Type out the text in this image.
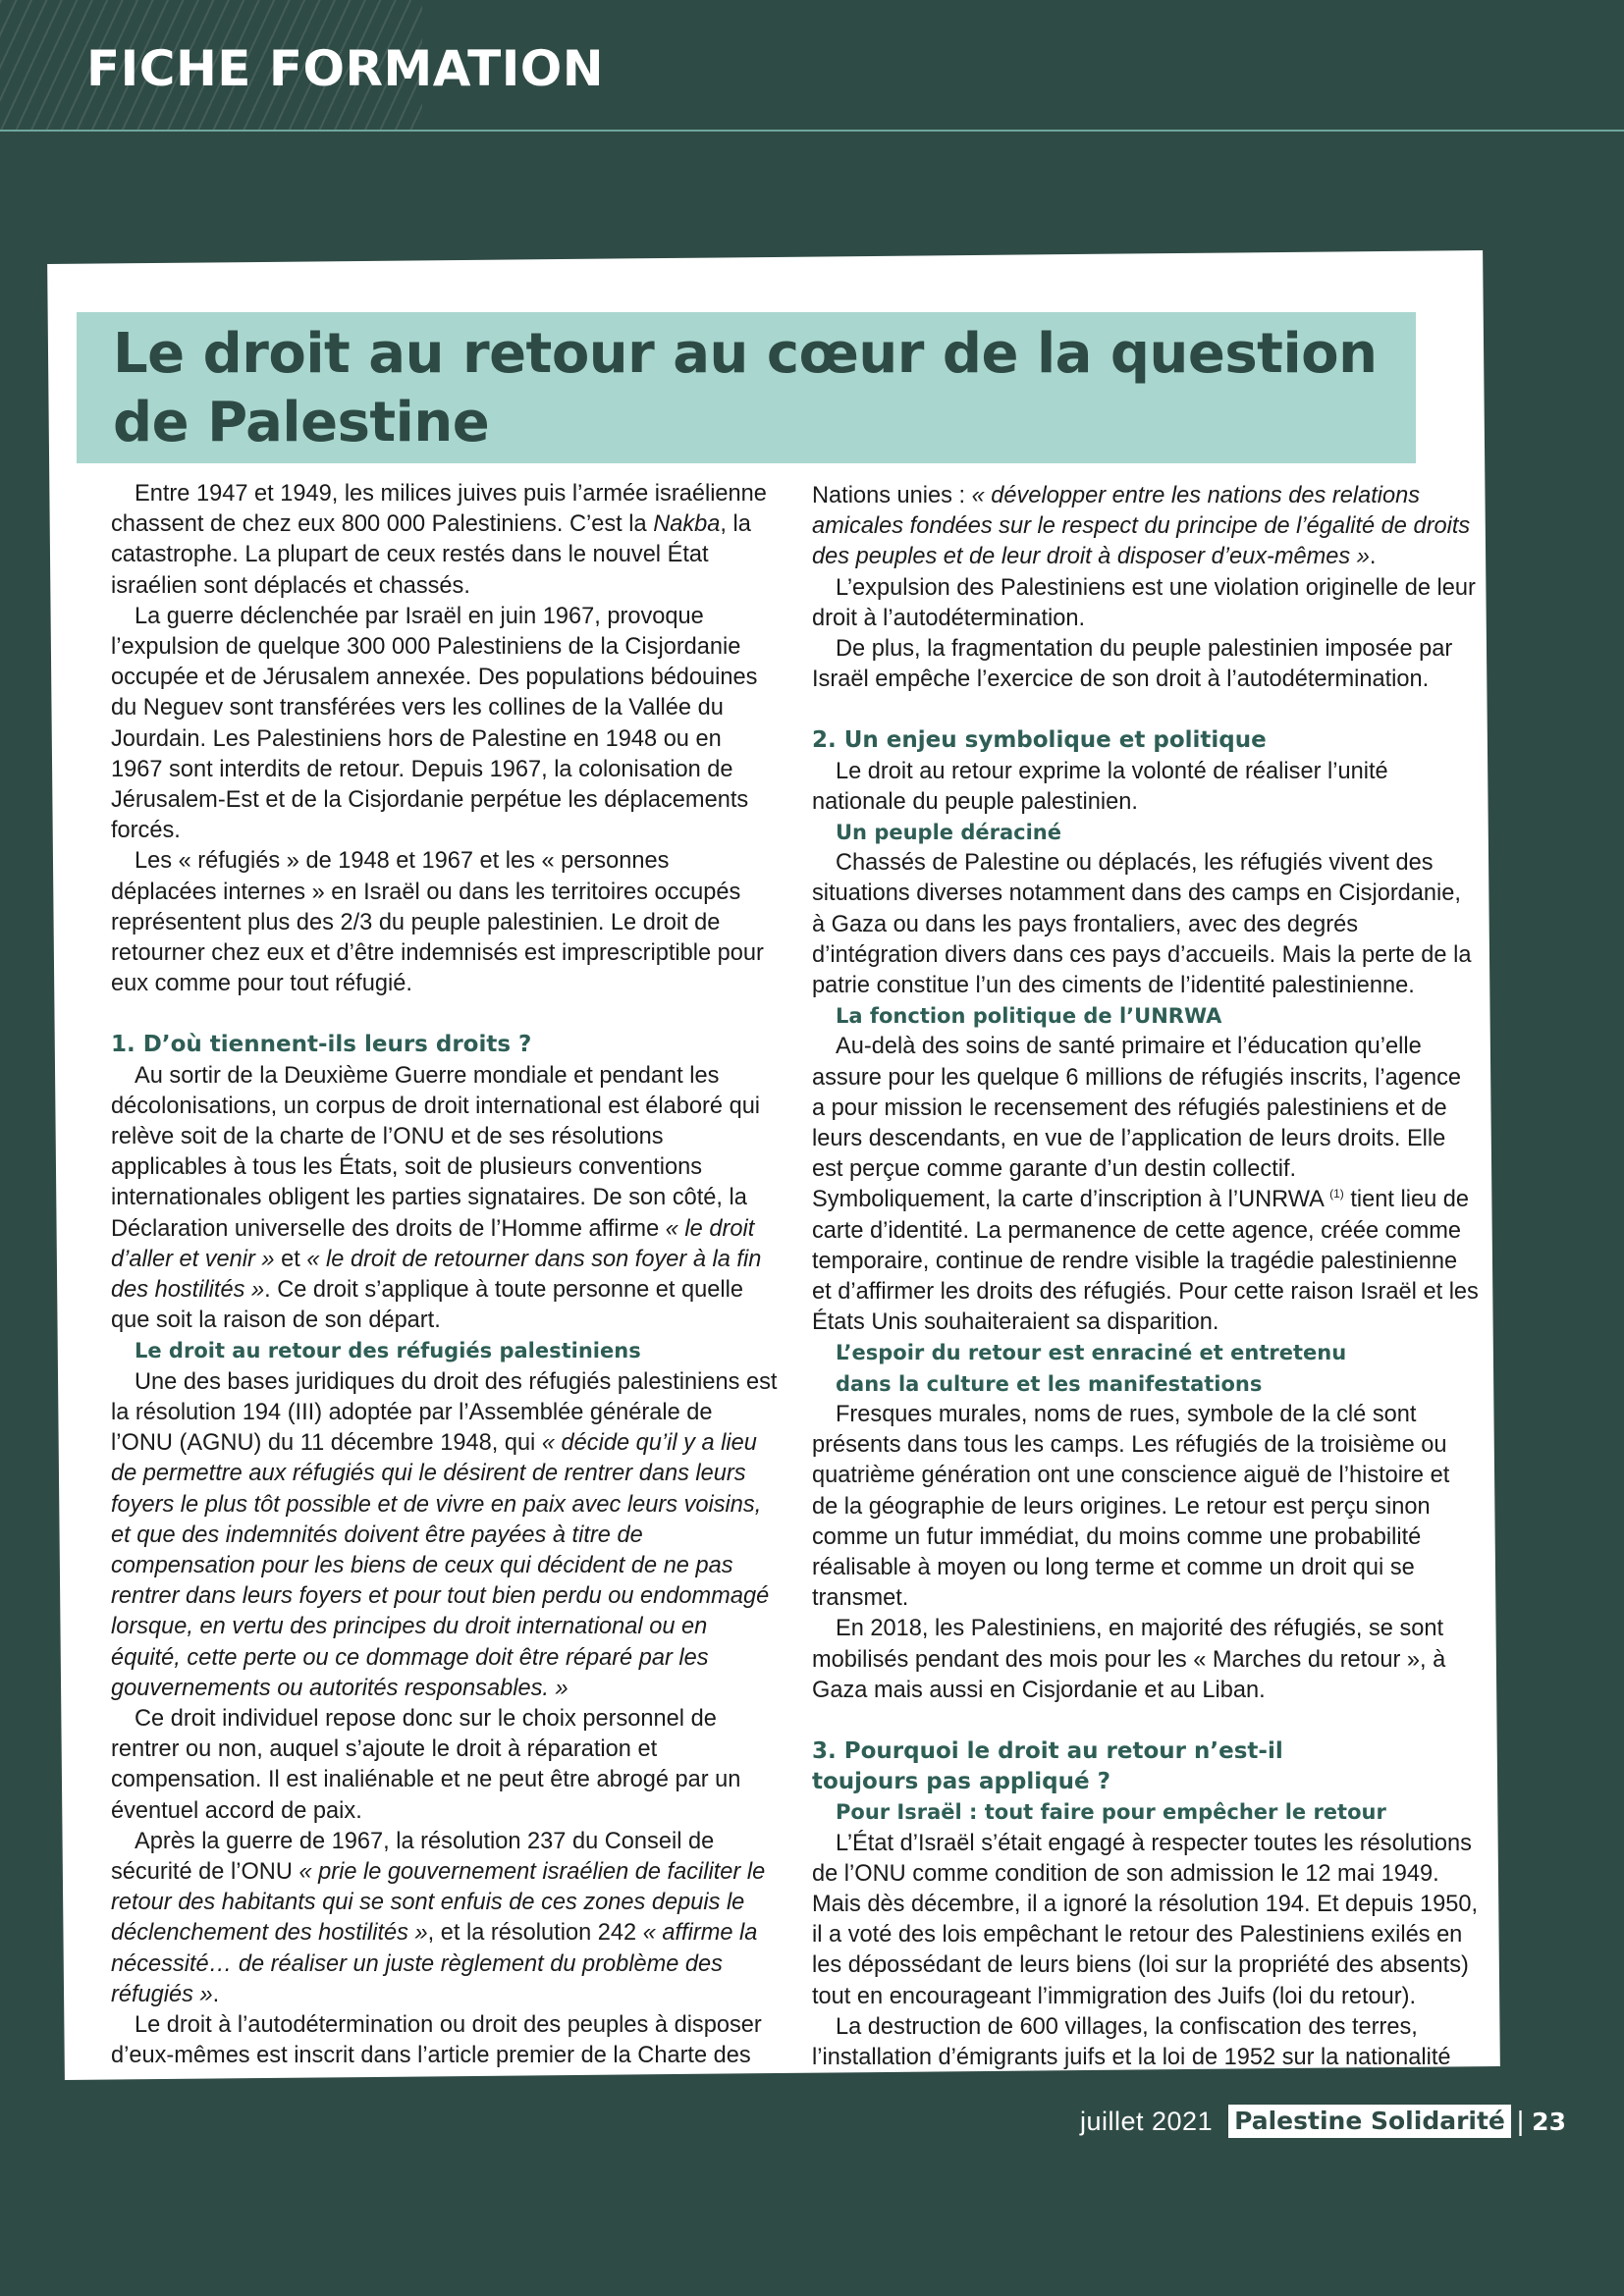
FICHE FORMATION
Le droit au retour au cœur de la question de Palestine

Entre 1947 et 1949, les milices juives puis l’armée israélienne chassent de chez eux 800 000 Palestiniens. C’est la Nakba, la catastrophe. La plupart de ceux restés dans le nouvel État israélien sont déplacés et chassés.

La guerre déclenchée par Israël en juin 1967, provoque l’expulsion de quelque 300 000 Palestiniens de la Cisjordanie occupée et de Jérusalem annexée. Des populations bédouines du Neguev sont transférées vers les collines de la Vallée du Jourdain. Les Palestiniens hors de Palestine en 1948 ou en 1967 sont interdits de retour. Depuis 1967, la colonisation de Jérusalem-Est et de la Cisjordanie perpétue les déplacements forcés.

Les « réfugiés » de 1948 et 1967 et les « personnes déplacées internes » en Israël ou dans les territoires occupés représentent plus des 2/3 du peuple palestinien. Le droit de retourner chez eux et d’être indemnisés est imprescriptible pour eux comme pour tout réfugié.

1. D’où tiennent-ils leurs droits ?

Au sortir de la Deuxième Guerre mondiale et pendant les décolonisations, un corpus de droit international est élaboré qui relève soit de la charte de l’ONU et de ses résolutions applicables à tous les États, soit de plusieurs conventions internationales obligent les parties signataires. De son côté, la Déclaration universelle des droits de l’Homme affirme « le droit d’aller et venir » et « le droit de retourner dans son foyer à la fin des hostilités ». Ce droit s’applique à toute personne et quelle que soit la raison de son départ.

Le droit au retour des réfugiés palestiniens

Une des bases juridiques du droit des réfugiés palestiniens est la résolution 194 (III) adoptée par l’Assemblée générale de l’ONU (AGNU) du 11 décembre 1948, qui « décide qu’il y a lieu de permettre aux réfugiés qui le désirent de rentrer dans leurs foyers le plus tôt possible et de vivre en paix avec leurs voisins, et que des indemnités doivent être payées à titre de compensation pour les biens de ceux qui décident de ne pas rentrer dans leurs foyers et pour tout bien perdu ou endommagé lorsque, en vertu des principes du droit international ou en équité, cette perte ou ce dommage doit être réparé par les gouvernements ou autorités responsables. »

Ce droit individuel repose donc sur le choix personnel de rentrer ou non, auquel s’ajoute le droit à réparation et compensation. Il est inaliénable et ne peut être abrogé par un éventuel accord de paix.

Après la guerre de 1967, la résolution 237 du Conseil de sécurité de l’ONU « prie le gouvernement israélien de faciliter le retour des habitants qui se sont enfuis de ces zones depuis le déclenchement des hostilités », et la résolution 242 « affirme la nécessité… de réaliser un juste règlement du problème des réfugiés ».

Le droit à l’autodétermination ou droit des peuples à disposer d’eux-mêmes est inscrit dans l’article premier de la Charte des

Nations unies : « développer entre les nations des relations amicales fondées sur le respect du principe de l’égalité de droits des peuples et de leur droit à disposer d’eux-mêmes ».

L’expulsion des Palestiniens est une violation originelle de leur droit à l’autodétermination.

De plus, la fragmentation du peuple palestinien imposée par Israël empêche l’exercice de son droit à l’autodétermination.

2. Un enjeu symbolique et politique

Le droit au retour exprime la volonté de réaliser l’unité nationale du peuple palestinien.

Un peuple déraciné

Chassés de Palestine ou déplacés, les réfugiés vivent des situations diverses notamment dans des camps en Cisjordanie, à Gaza ou dans les pays frontaliers, avec des degrés d’intégration divers dans ces pays d’accueils. Mais la perte de la patrie constitue l’un des ciments de l’identité palestinienne.

La fonction politique de l’UNRWA

Au-delà des soins de santé primaire et l’éducation qu’elle assure pour les quelque 6 millions de réfugiés inscrits, l’agence a pour mission le recensement des réfugiés palestiniens et de leurs descendants, en vue de l’application de leurs droits. Elle est perçue comme garante d’un destin collectif. Symboliquement, la carte d’inscription à l’UNRWA $^{(1)}$ tient lieu de carte d’identité. La permanence de cette agence, créée comme temporaire, continue de rendre visible la tragédie palestinienne et d’affirmer les droits des réfugiés. Pour cette raison Israël et les États Unis souhaiteraient sa disparition.

L’espoir du retour est enraciné et entretenu
dans la culture et les manifestations

Fresques murales, noms de rues, symbole de la clé sont présents dans tous les camps. Les réfugiés de la troisième ou quatrième génération ont une conscience aiguë de l’histoire et de la géographie de leurs origines. Le retour est perçu sinon comme un futur immédiat, du moins comme une probabilité réalisable à moyen ou long terme et comme un droit qui se transmet.

En 2018, les Palestiniens, en majorité des réfugiés, se sont mobilisés pendant des mois pour les « Marches du retour », à Gaza mais aussi en Cisjordanie et au Liban.

3. Pourquoi le droit au retour n’est-il
toujours pas appliqué ?
Pour Israël : tout faire pour empêcher le retour

L’État d’Israël s’était engagé à respecter toutes les résolutions de l’ONU comme condition de son admission le 12 mai 1949. Mais dès décembre, il a ignoré la résolution 194. Et depuis 1950, il a voté des lois empêchant le retour des Palestiniens exilés en les dépossédant de leurs biens (loi sur la propriété des absents) tout en encourageant l’immigration des Juifs (loi du retour).

La destruction de 600 villages, la confiscation des terres, l’installation d’émigrants juifs et la loi de 1952 sur la nationalité

juillet 2021 Palestine Solidarité | 23
